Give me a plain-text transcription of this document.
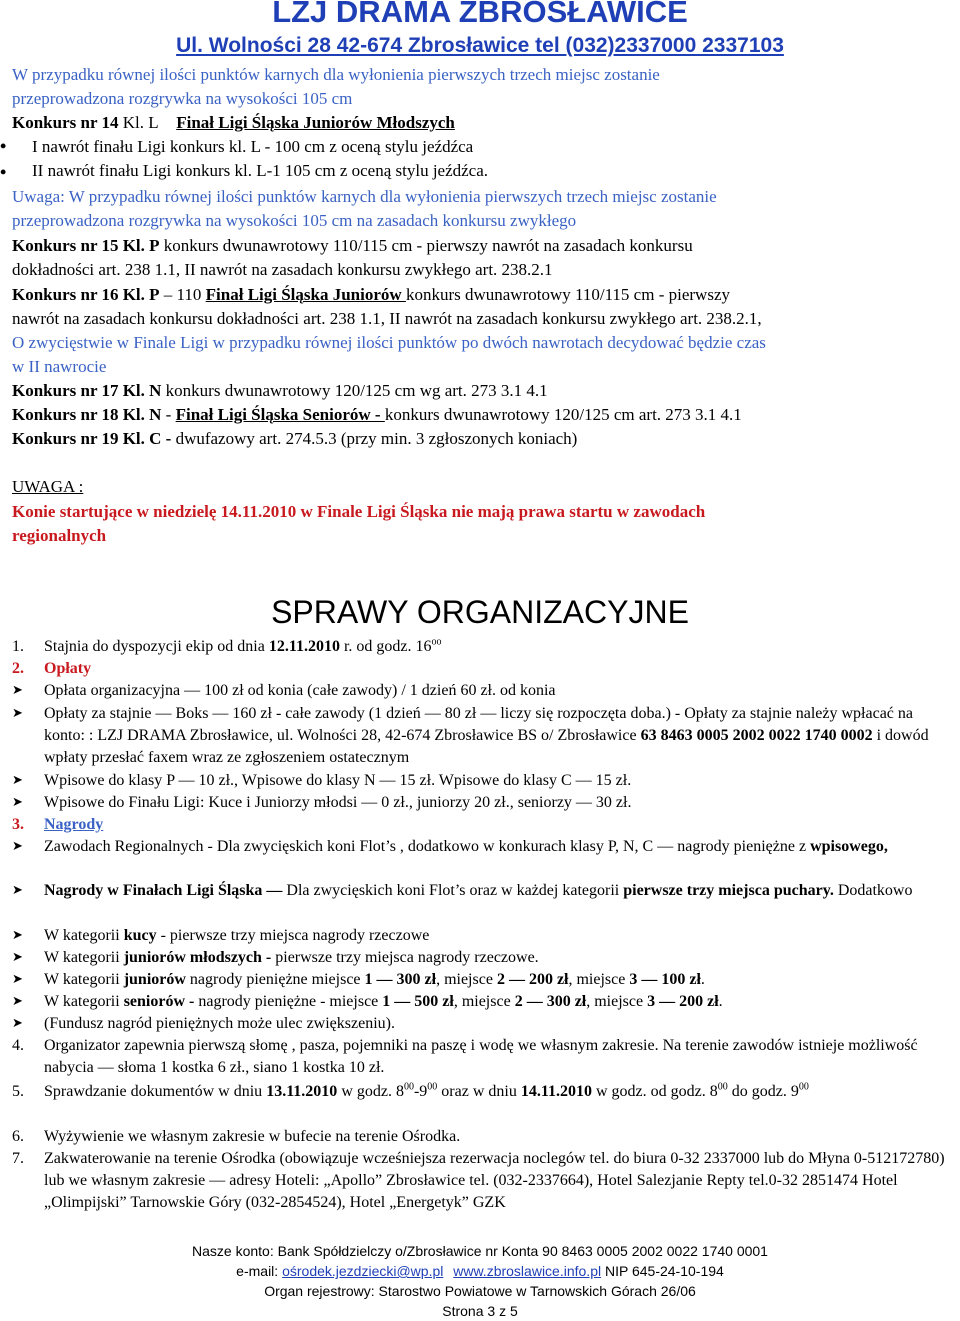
LZJ DRAMA ZBROSŁAWICE
Ul. Wolności 28 42-674 Zbrosławice tel (032)2337000 2337103
W przypadku równej ilości punktów karnych dla wyłonienia pierwszych trzech miejsc zostanie
przeprowadzona rozgrywka na wysokości 105 cm
Konkurs nr 14 Kl. L Finał Ligi Śląska Juniorów Młodszych
• I nawrót finału Ligi konkurs kl. L - 100 cm z oceną stylu jeźdźca
• II nawrót finału Ligi konkurs kl. L-1 105 cm z oceną stylu jeźdźca.
Uwaga: W przypadku równej ilości punktów karnych dla wyłonienia pierwszych trzech miejsc zostanie
przeprowadzona rozgrywka na wysokości 105 cm na zasadach konkursu zwykłego
Konkurs nr 15 Kl. P konkurs dwunawrotowy 110/115 cm - pierwszy nawrót na zasadach konkursu
dokładności art. 238 1.1, II nawrót na zasadach konkursu zwykłego art. 238.2.1
Konkurs nr 16 Kl. P – 110 Finał Ligi Śląska Juniorów konkurs dwunawrotowy 110/115 cm - pierwszy
nawrót na zasadach konkursu dokładności art. 238 1.1, II nawrót na zasadach konkursu zwykłego art. 238.2.1,
O zwycięstwie w Finale Ligi w przypadku równej ilości punktów po dwóch nawrotach decydować będzie czas
w II nawrocie
Konkurs nr 17 Kl. N konkurs dwunawrotowy 120/125 cm wg art. 273 3.1 4.1
Konkurs nr 18 Kl. N - Finał Ligi Śląska Seniorów - konkurs dwunawrotowy 120/125 cm art. 273 3.1 4.1
Konkurs nr 19 Kl. C - dwufazowy art. 274.5.3 (przy min. 3 zgłoszonych koniach)
UWAGA :
Konie startujące w niedzielę 14.11.2010 w Finale Ligi Śląska nie mają prawa startu w zawodach
regionalnych
SPRAWY ORGANIZACYJNE
1.	Stajnia do dyspozycji ekip od dnia 12.11.2010 r. od godz. $16^{oo}$
2.	Opłaty
➤	Opłata organizacyjna — 100 zł od konia (całe zawody) / 1 dzień 60 zł. od konia
➤	Opłaty za stajnie — Boks — 160 zł - całe zawody (1 dzień — 80 zł — liczy się rozpoczęta doba.) - Opłaty za stajnie należy wpłacać na konto: : LZJ DRAMA Zbrosławice, ul. Wolności 28, 42-674 Zbrosławice BS o/ Zbrosławice 63 8463 0005 2002 0022 1740 0002 i dowód wpłaty przesłać faxem wraz ze zgłoszeniem ostatecznym
➤	Wpisowe do klasy P — 10 zł., Wpisowe do klasy N — 15 zł. Wpisowe do klasy C — 15 zł.
➤	Wpisowe do Finału Ligi: Kuce i Juniorzy młodsi — 0 zł., juniorzy 20 zł., seniorzy — 30 zł.
3.	Nagrody
➤	Zawodach Regionalnych - Dla zwycięskich koni Flot’s , dodatkowo w konkurach klasy P, N, C — nagrody pieniężne z wpisowego,
➤	Nagrody w Finałach Ligi Śląska — Dla zwycięskich koni Flot’s oraz w każdej kategorii pierwsze trzy miejsca puchary. Dodatkowo
➤	W kategorii kucy - pierwsze trzy miejsca nagrody rzeczowe
➤	W kategorii juniorów młodszych - pierwsze trzy miejsca nagrody rzeczowe.
➤	W kategorii juniorów nagrody pieniężne miejsce 1 — 300 zł, miejsce 2 — 200 zł, miejsce 3 — 100 zł.
➤	W kategorii seniorów - nagrody pieniężne - miejsce 1 — 500 zł, miejsce 2 — 300 zł, miejsce 3 — 200 zł.
➤	(Fundusz nagród pieniężnych może ulec zwiększeniu).
4.	Organizator zapewnia pierwszą słomę , pasza, pojemniki na paszę i wodę we własnym zakresie. Na terenie zawodów istnieje możliwość nabycia — słoma 1 kostka 6 zł., siano 1 kostka 10 zł.
5.	Sprawdzanie dokumentów w dniu 13.11.2010 w godz. $8^{00}-9^{00}$ oraz w dniu 14.11.2010 w godz. od godz. $8^{00}$ do godz. $9^{00}$
6.	Wyżywienie we własnym zakresie w bufecie na terenie Ośrodka.
7.	Zakwaterowanie na terenie Ośrodka (obowiązuje wcześniejsza rezerwacja noclegów tel. do biura 0-32 2337000 lub do Młyna 0-512172780) lub we własnym zakresie — adresy Hoteli: „Apollo” Zbrosławice tel. (032-2337664), Hotel Salezjanie Repty tel.0-32 2851474 Hotel „Olimpijski” Tarnowskie Góry (032-2854524), Hotel „Energetyk” GZK
Nasze konto: Bank Spółdzielczy o/Zbrosławice nr Konta 90 8463 0005 2002 0022 1740 0001
e-mail: ośrodek.jezdziecki@wp.pl www.zbroslawice.info.pl NIP 645-24-10-194
Organ rejestrowy: Starostwo Powiatowe w Tarnowskich Górach 26/06
Strona 3 z 5
